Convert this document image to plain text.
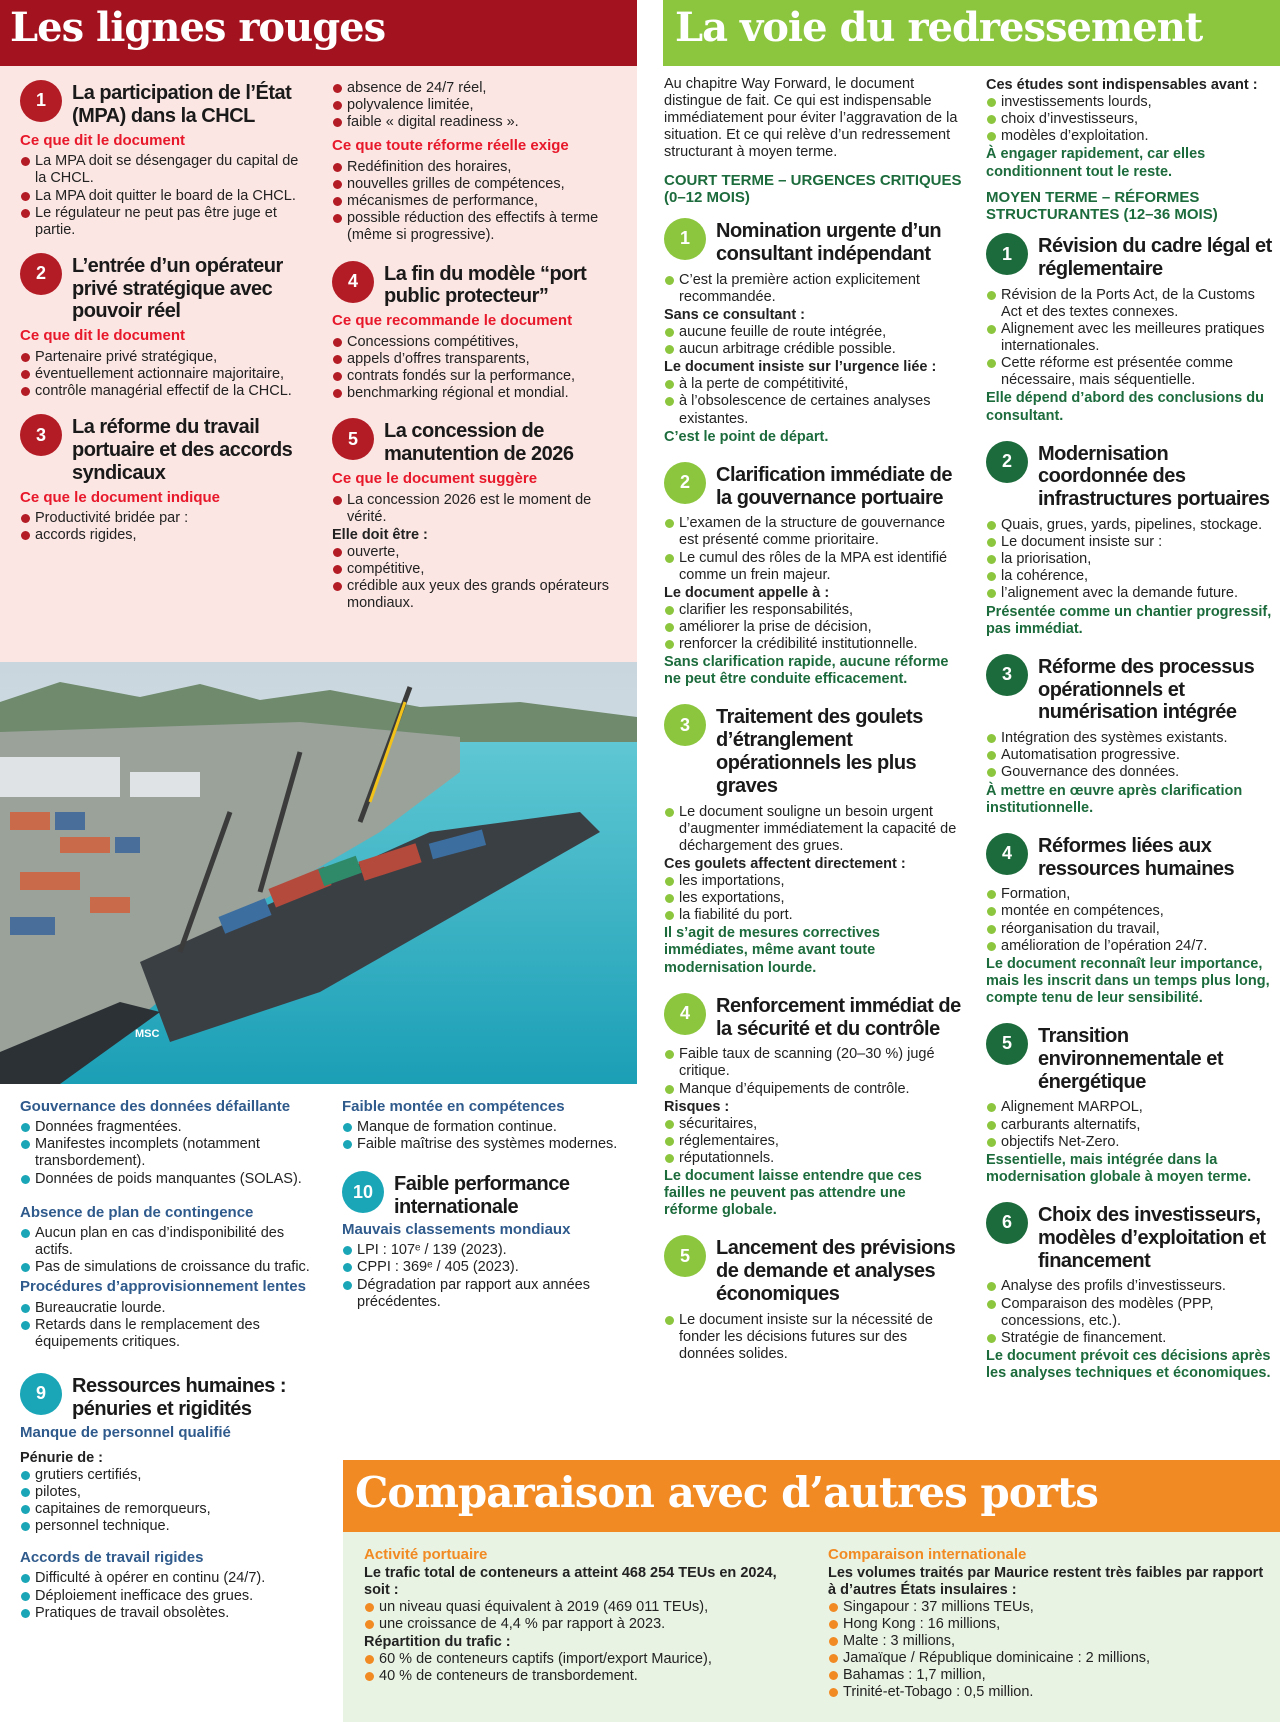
Les lignes rouges
1	La participation de l’État (MPA) dans la CHCL
Ce que dit le document
La MPA doit se désengager du capital de la CHCL.
La MPA doit quitter le board de la CHCL.
Le régulateur ne peut pas être juge et partie.
2	L’entrée d’un opérateur privé stratégique avec pouvoir réel
Ce que dit le document
Partenaire privé stratégique,
éventuellement actionnaire majoritaire,
contrôle managérial effectif de la CHCL.
3	La réforme du travail portuaire et des accords syndicaux
Ce que le document indique
Productivité bridée par :
accords rigides,
absence de 24/7 réel,
polyvalence limitée,
faible « digital readiness ».
Ce que toute réforme réelle exige
Redéfinition des horaires,
nouvelles grilles de compétences,
mécanismes de performance,
possible réduction des effectifs à terme (même si progressive).
4	La fin du modèle “port public protecteur”
Ce que recommande le document
Concessions compétitives,
appels d’offres transparents,
contrats fondés sur la performance,
benchmarking régional et mondial.
5	La concession de manutention de 2026
Ce que le document suggère
La concession 2026 est le moment de vérité.
Elle doit être :
ouverte,
compétitive,
crédible aux yeux des grands opérateurs mondiaux.
MSC
Gouvernance des données défaillante
Données fragmentées.
Manifestes incomplets (notamment transbordement).
Données de poids manquantes (SOLAS).
Absence de plan de contingence
Aucun plan en cas d’indisponibilité des actifs.
Pas de simulations de croissance du trafic.
Procédures d’approvisionnement lentes
Bureaucratie lourde.
Retards dans le remplacement des équipements critiques.
9	Ressources humaines : pénuries et rigidités
Manque de personnel qualifié
Pénurie de :
grutiers certifiés,
pilotes,
capitaines de remorqueurs,
personnel technique.
Accords de travail rigides
Difficulté à opérer en continu (24/7).
Déploiement inefficace des grues.
Pratiques de travail obsolètes.
Faible montée en compétences
Manque de formation continue.
Faible maîtrise des systèmes modernes.
10	Faible performance internationale
Mauvais classements mondiaux
LPI : 107ᵉ / 139 (2023).
CPPI : 369ᵉ / 405 (2023).
Dégradation par rapport aux années précédentes.
La voie du redressement
Au chapitre Way Forward, le document distingue de fait. Ce qui est indispensable immédiatement pour éviter l’aggravation de la situation. Et ce qui relève d’un redressement structurant à moyen terme.
COURT TERME – URGENCES CRITIQUES (0–12 MOIS)
1	Nomination urgente d’un consultant indépendant
C’est la première action explicitement recommandée.
Sans ce consultant :
aucune feuille de route intégrée,
aucun arbitrage crédible possible.
Le document insiste sur l’urgence liée :
à la perte de compétitivité,
à l’obsolescence de certaines analyses existantes.
C’est le point de départ.
2	Clarification immédiate de la gouvernance portuaire
L’examen de la structure de gouvernance est présenté comme prioritaire.
Le cumul des rôles de la MPA est identifié comme un frein majeur.
Le document appelle à :
clarifier les responsabilités,
améliorer la prise de décision,
renforcer la crédibilité institutionnelle.
Sans clarification rapide, aucune réforme ne peut être conduite efficacement.
3	Traitement des goulets d’étranglement opérationnels les plus graves
Le document souligne un besoin urgent d’augmenter immédiatement la capacité de déchargement des grues.
Ces goulets affectent directement :
les importations,
les exportations,
la fiabilité du port.
Il s’agit de mesures correctives immédiates, même avant toute modernisation lourde.
4	Renforcement immédiat de la sécurité et du contrôle
Faible taux de scanning (20–30 %) jugé critique.
Manque d’équipements de contrôle.
Risques :
sécuritaires,
réglementaires,
réputationnels.
Le document laisse entendre que ces failles ne peuvent pas attendre une réforme globale.
5	Lancement des prévisions de demande et analyses économiques
Le document insiste sur la nécessité de fonder les décisions futures sur des données solides.
Ces études sont indispensables avant :
investissements lourds,
choix d’investisseurs,
modèles d’exploitation.
À engager rapidement, car elles conditionnent tout le reste.
MOYEN TERME – RÉFORMES STRUCTURANTES (12–36 MOIS)
1	Révision du cadre légal et réglementaire
Révision de la Ports Act, de la Customs Act et des textes connexes.
Alignement avec les meilleures pratiques internationales.
Cette réforme est présentée comme nécessaire, mais séquentielle.
Elle dépend d’abord des conclusions du consultant.
2	Modernisation coordonnée des infrastructures portuaires
Quais, grues, yards, pipelines, stockage.
Le document insiste sur :
la priorisation,
la cohérence,
l’alignement avec la demande future.
Présentée comme un chantier progressif, pas immédiat.
3	Réforme des processus opérationnels et numérisation intégrée
Intégration des systèmes existants.
Automatisation progressive.
Gouvernance des données.
À mettre en œuvre après clarification institutionnelle.
4	Réformes liées aux ressources humaines
Formation,
montée en compétences,
réorganisation du travail,
amélioration de l’opération 24/7.
Le document reconnaît leur importance, mais les inscrit dans un temps plus long, compte tenu de leur sensibilité.
5	Transition environnementale et énergétique
Alignement MARPOL,
carburants alternatifs,
objectifs Net-Zero.
Essentielle, mais intégrée dans la modernisation globale à moyen terme.
6	Choix des investisseurs, modèles d’exploitation et financement
Analyse des profils d’investisseurs.
Comparaison des modèles (PPP, concessions, etc.).
Stratégie de financement.
Le document prévoit ces décisions après les analyses techniques et économiques.
Comparaison avec d’autres ports
Activité portuaire
Le trafic total de conteneurs a atteint 468 254 TEUs en 2024, soit :
un niveau quasi équivalent à 2019 (469 011 TEUs),
une croissance de 4,4 % par rapport à 2023.
Répartition du trafic :
60 % de conteneurs captifs (import/export Maurice),
40 % de conteneurs de transbordement.
Comparaison internationale
Les volumes traités par Maurice restent très faibles par rapport à d’autres États insulaires :
Singapour : 37 millions TEUs,
Hong Kong : 16 millions,
Malte : 3 millions,
Jamaïque / République dominicaine : 2 millions,
Bahamas : 1,7 million,
Trinité-et-Tobago : 0,5 million.
